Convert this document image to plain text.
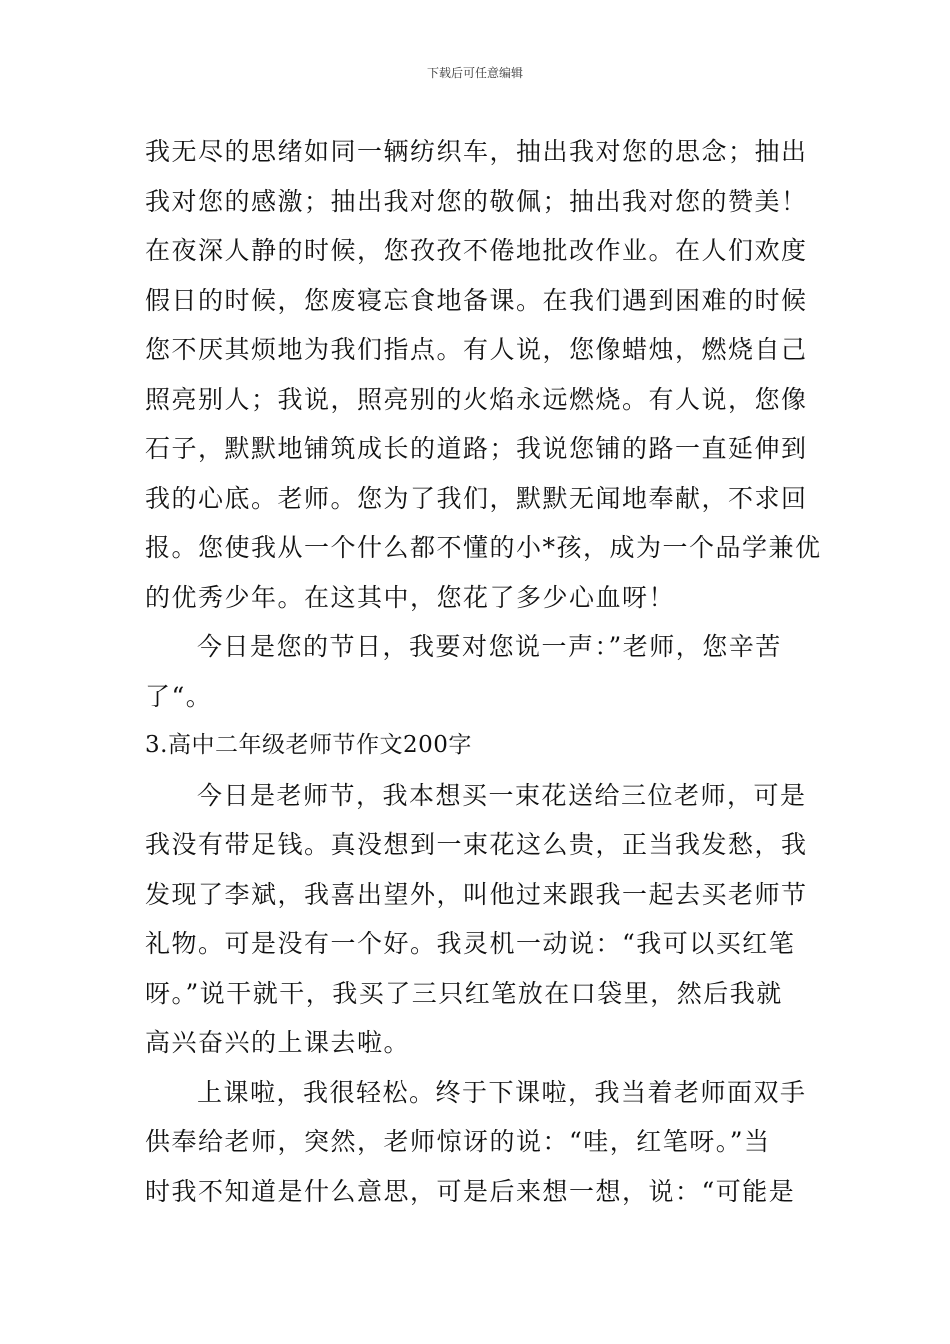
下载后可任意编辑
我无尽的思绪如同一辆纺织车，抽出我对您的思念；抽出
我对您的感激；抽出我对您的敬佩；抽出我对您的赞美！
在夜深人静的时候，您孜孜不倦地批改作业。在人们欢度
假日的时候，您废寝忘食地备课。在我们遇到困难的时候
您不厌其烦地为我们指点。有人说，您像蜡烛，燃烧自己
照亮别人；我说，照亮别的火焰永远燃烧。有人说，您像
石子，默默地铺筑成长的道路；我说您铺的路一直延伸到
我的心底。老师。您为了我们，默默无闻地奉献，不求回
报。您使我从一个什么都不懂的小*孩，成为一个品学兼优
的优秀少年。在这其中，您花了多少心血呀！
今日是您的节日，我要对您说一声：”老师，您辛苦
了“。
3.高中二年级老师节作文200字
今日是老师节，我本想买一束花送给三位老师，可是
我没有带足钱。真没想到一束花这么贵，正当我发愁，我
发现了李斌，我喜出望外，叫他过来跟我一起去买老师节
礼物。可是没有一个好。我灵机一动说：“我可以买红笔
呀。”说干就干，我买了三只红笔放在口袋里，然后我就
高兴奋兴的上课去啦。
上课啦，我很轻松。终于下课啦，我当着老师面双手
供奉给老师，突然，老师惊讶的说：“哇，红笔呀。”当
时我不知道是什么意思，可是后来想一想，说：“可能是
